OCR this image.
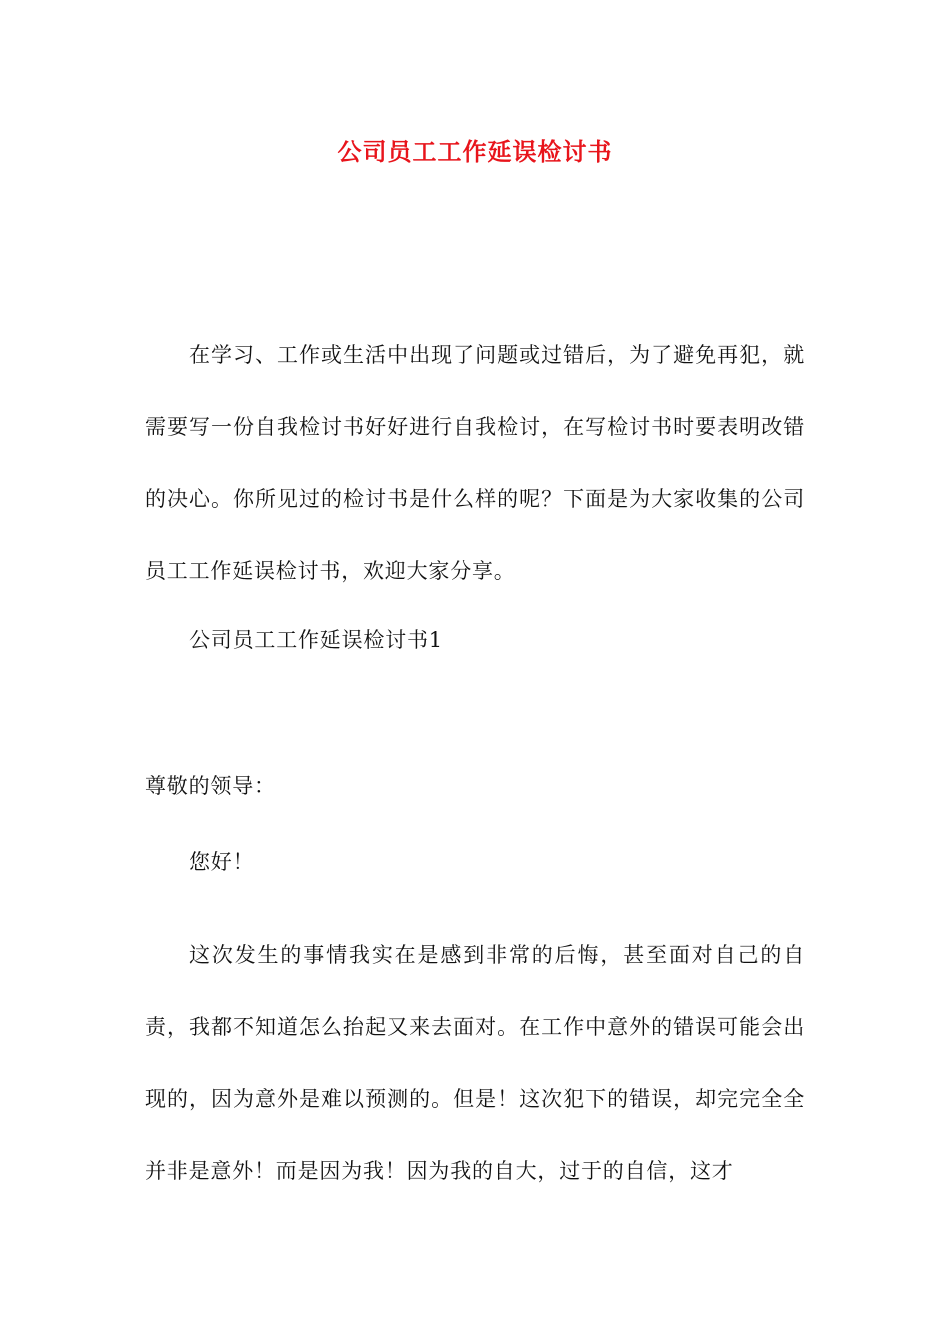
公司员工工作延误检讨书
在学习、工作或生活中出现了问题或过错后，为了避免再犯，就需要写一份自我检讨书好好进行自我检讨，在写检讨书时要表明改错的决心。你所见过的检讨书是什么样的呢？下面是为大家收集的公司员工工作延误检讨书，欢迎大家分享。
公司员工工作延误检讨书1
尊敬的领导：
您好！
这次发生的事情我实在是感到非常的后悔，甚至面对自己的自责，我都不知道怎么抬起又来去面对。在工作中意外的错误可能会出现的，因为意外是难以预测的。但是！这次犯下的错误，却完完全全并非是意外！而是因为我！因为我的自大，过于的自信，这才
